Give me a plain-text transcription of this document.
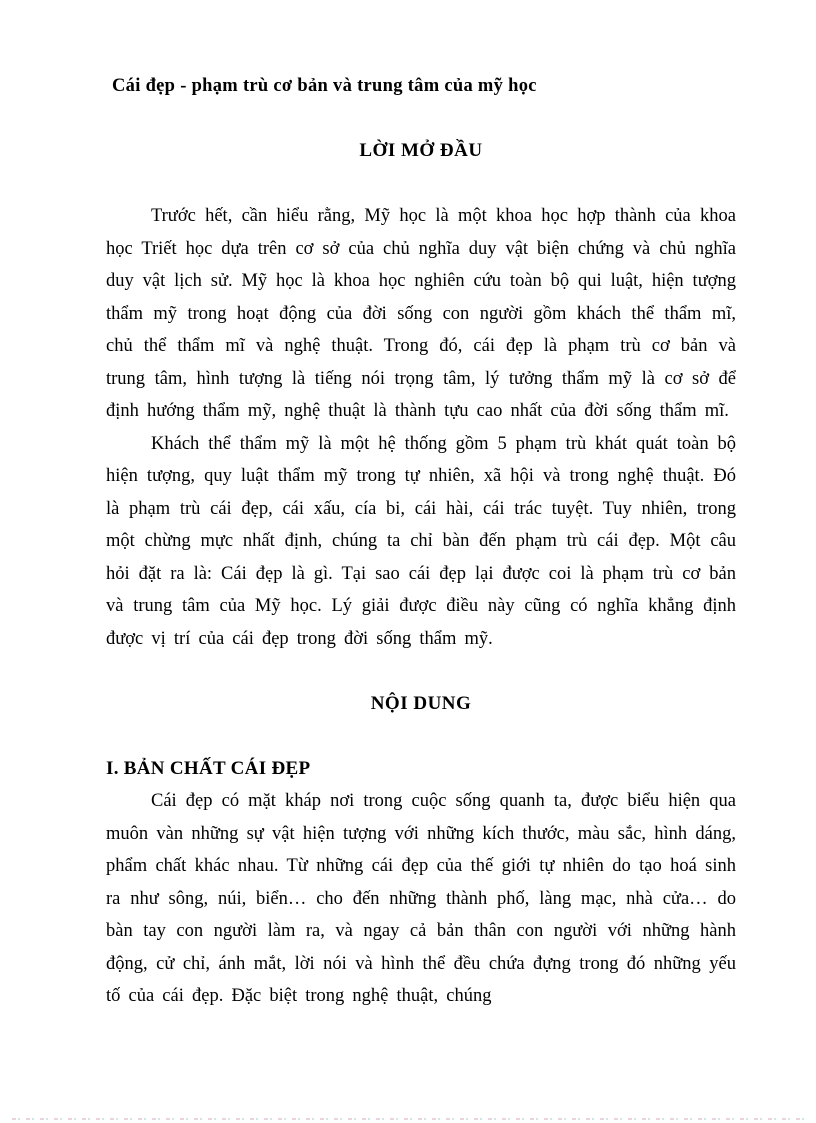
Cái đẹp - phạm trù cơ bản và trung tâm của mỹ học
LỜI MỞ ĐẦU

Trước hết, cần hiểu rằng, Mỹ học là một khoa học hợp thành của khoa học Triết học dựa trên cơ sở của chủ nghĩa duy vật biện chứng và chủ nghĩa duy vật lịch sử. Mỹ học là khoa học nghiên cứu toàn bộ qui luật, hiện tượng thẩm mỹ trong hoạt động của đời sống con người gồm khách thể thẩm mĩ, chủ thể thẩm mĩ và nghệ thuật. Trong đó, cái đẹp là phạm trù cơ bản và trung tâm, hình tượng là tiếng nói trọng tâm, lý tưởng thẩm mỹ là cơ sở để định hướng thẩm mỹ, nghệ thuật là thành tựu cao nhất của đời sống thẩm mĩ.

Khách thể thẩm mỹ là một hệ thống gồm 5 phạm trù khát quát toàn bộ hiện tượng, quy luật thẩm mỹ trong tự nhiên, xã hội và trong nghệ thuật. Đó là phạm trù cái đẹp, cái xấu, cía bi, cái hài, cái trác tuyệt. Tuy nhiên, trong một chừng mực nhất định, chúng ta chỉ bàn đến phạm trù cái đẹp. Một câu hỏi đặt ra là: Cái đẹp là gì. Tại sao cái đẹp lại được coi là phạm trù cơ bản và trung tâm của Mỹ học. Lý giải được điều này cũng có nghĩa khẳng định được vị trí của cái đẹp trong đời sống thẩm mỹ.

NỘI DUNG
I. BẢN CHẤT CÁI ĐẸP

Cái đẹp có mặt kháp nơi trong cuộc sống quanh ta, được biểu hiện qua muôn vàn những sự vật hiện tượng với những kích thước, màu sắc, hình dáng, phẩm chất khác nhau. Từ những cái đẹp của thế giới tự nhiên do tạo hoá sinh ra như sông, núi, biển… cho đến những thành phố, làng mạc, nhà cửa… do bàn tay con người làm ra, và ngay cả bản thân con người với những hành động, cử chỉ, ánh mắt, lời nói và hình thể đều chứa đựng trong đó những yếu tố của cái đẹp. Đặc biệt trong nghệ thuật, chúng
